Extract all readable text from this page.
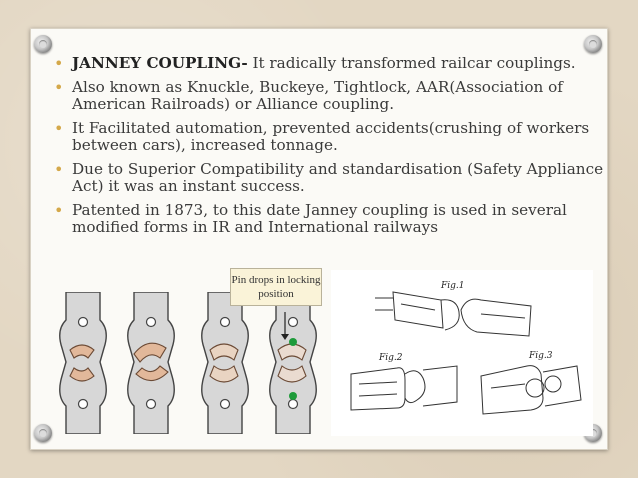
• JANNEY COUPLING- It radically transformed railcar couplings.
• Also known as Knuckle, Buckeye, Tightlock, AAR(Association of American Railroads) or Alliance coupling.
• It Facilitated automation, prevented accidents(crushing of workers between cars), increased tonnage.
• Due to Superior Compatibility and standardisation (Safety Appliance Act) it was an instant success.
• Patented in 1873, to this date Janney coupling is used in several modified forms in IR and International railways
Pin drops in locking position
Fig.1
Fig.2	Fig.3
